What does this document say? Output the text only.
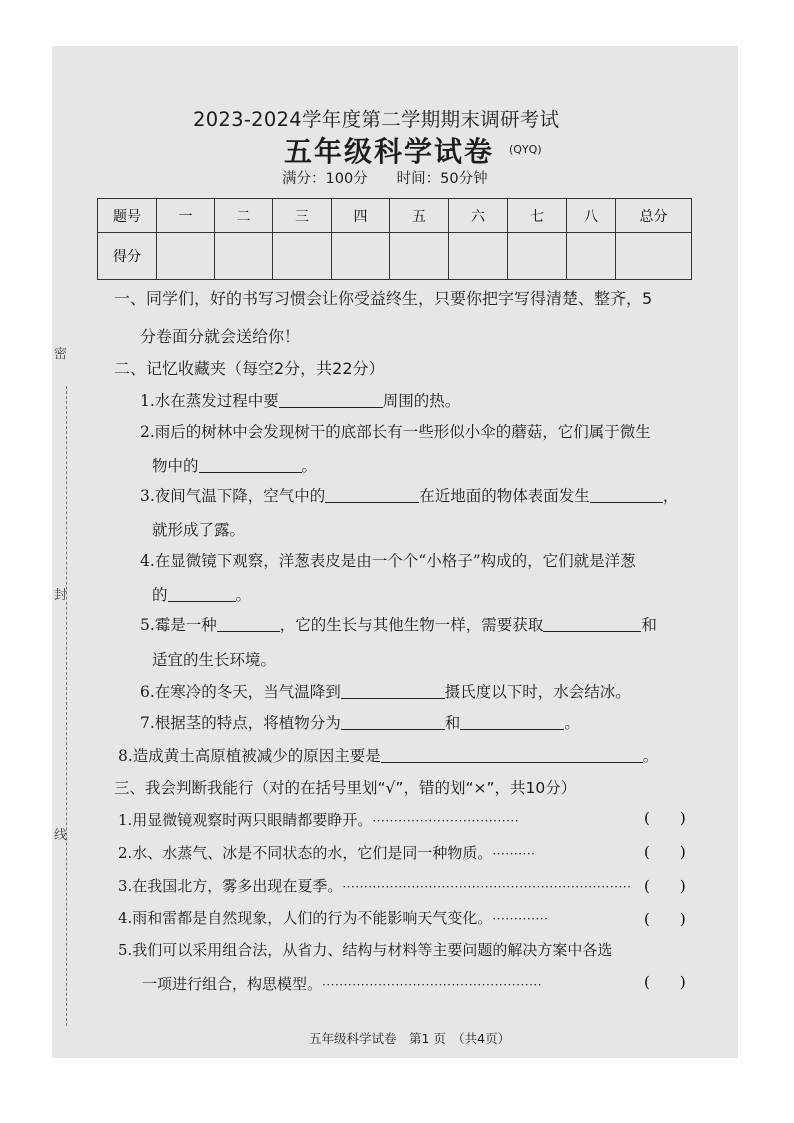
密
封
线
2023-2024学年度第二学期期末调研考试
五年级科学试卷 (QYQ)
满分：100分　　时间：50分钟
题号	一	二	三	四	五	六	七	八	总分
得分									
一、同学们，好的书写习惯会让你受益终生，只要你把字写得清楚、整齐，5
分卷面分就会送给你！
二、记忆收藏夹（每空2分，共22分）
1.水在蒸发过程中要	周围的热。
2.雨后的树林中会发现树干的底部长有一些形似小伞的蘑菇，它们属于微生
物中的	。
3.夜间气温下降，空气中的	在近地面的物体表面发生	，
就形成了露。
4.在显微镜下观察，洋葱表皮是由一个个“小格子”构成的，它们就是洋葱
的	。
5.霉是一种	，它的生长与其他生物一样，需要获取	和
适宜的生长环境。
6.在寒冷的冬天，当气温降到	摄氏度以下时，水会结冰。
7.根据茎的特点，将植物分为	和	。
8.造成黄土高原植被减少的原因主要是	。
三、我会判断我能行（对的在括号里划“√”，错的划“×”，共10分）
1.用显微镜观察时两只眼睛都要睁开。··································	(　　)
2.水、水蒸气、冰是不同状态的水，它们是同一种物质。··········	(　　)
3.在我国北方，雾多出现在夏季。··································································· (　　)
4.雨和雷都是自然现象，人们的行为不能影响天气变化。·············	(　　)
5.我们可以采用组合法，从省力、结构与材料等主要问题的解决方案中各选
一项进行组合，构思模型。···················································	(　　)
五年级科学试卷　第1 页　（共4页）
